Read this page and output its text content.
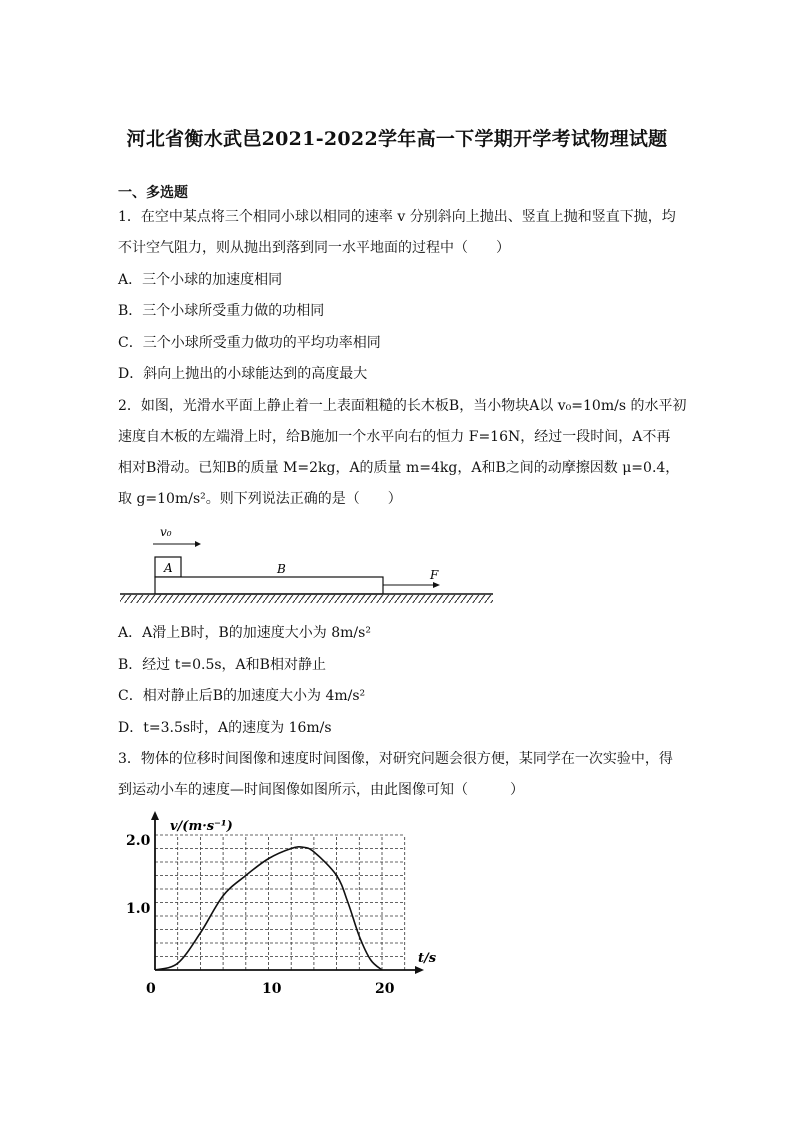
河北省衡水武邑2021-2022学年高一下学期开学考试物理试题
一、多选题
1．在空中某点将三个相同小球以相同的速率 v 分别斜向上抛出、竖直上抛和竖直下抛，均
不计空气阻力，则从抛出到落到同一水平地面的过程中（　　）
A．三个小球的加速度相同
B．三个小球所受重力做的功相同
C．三个小球所受重力做功的平均功率相同
D．斜向上抛出的小球能达到的高度最大
2．如图，光滑水平面上静止着一上表面粗糙的长木板B，当小物块A以 v₀=10m/s 的水平初
速度自木板的左端滑上时，给B施加一个水平向右的恒力 F=16N，经过一段时间，A不再
相对B滑动。已知B的质量 M=2kg，A的质量 m=4kg，A和B之间的动摩擦因数 μ=0.4，
取 g=10m/s²。则下列说法正确的是（　　）
v₀
A	B	F
A．A滑上B时，B的加速度大小为 8m/s²
B．经过 t=0.5s，A和B相对静止
C．相对静止后B的加速度大小为 4m/s²
D．t=3.5s时，A的速度为 16m/s
3．物体的位移时间图像和速度时间图像，对研究问题会很方便，某同学在一次实验中，得
到运动小车的速度—时间图像如图所示，由此图像可知（　　　）
v/(m·s⁻¹)
t/s
0	10	20
1.0
2.0
